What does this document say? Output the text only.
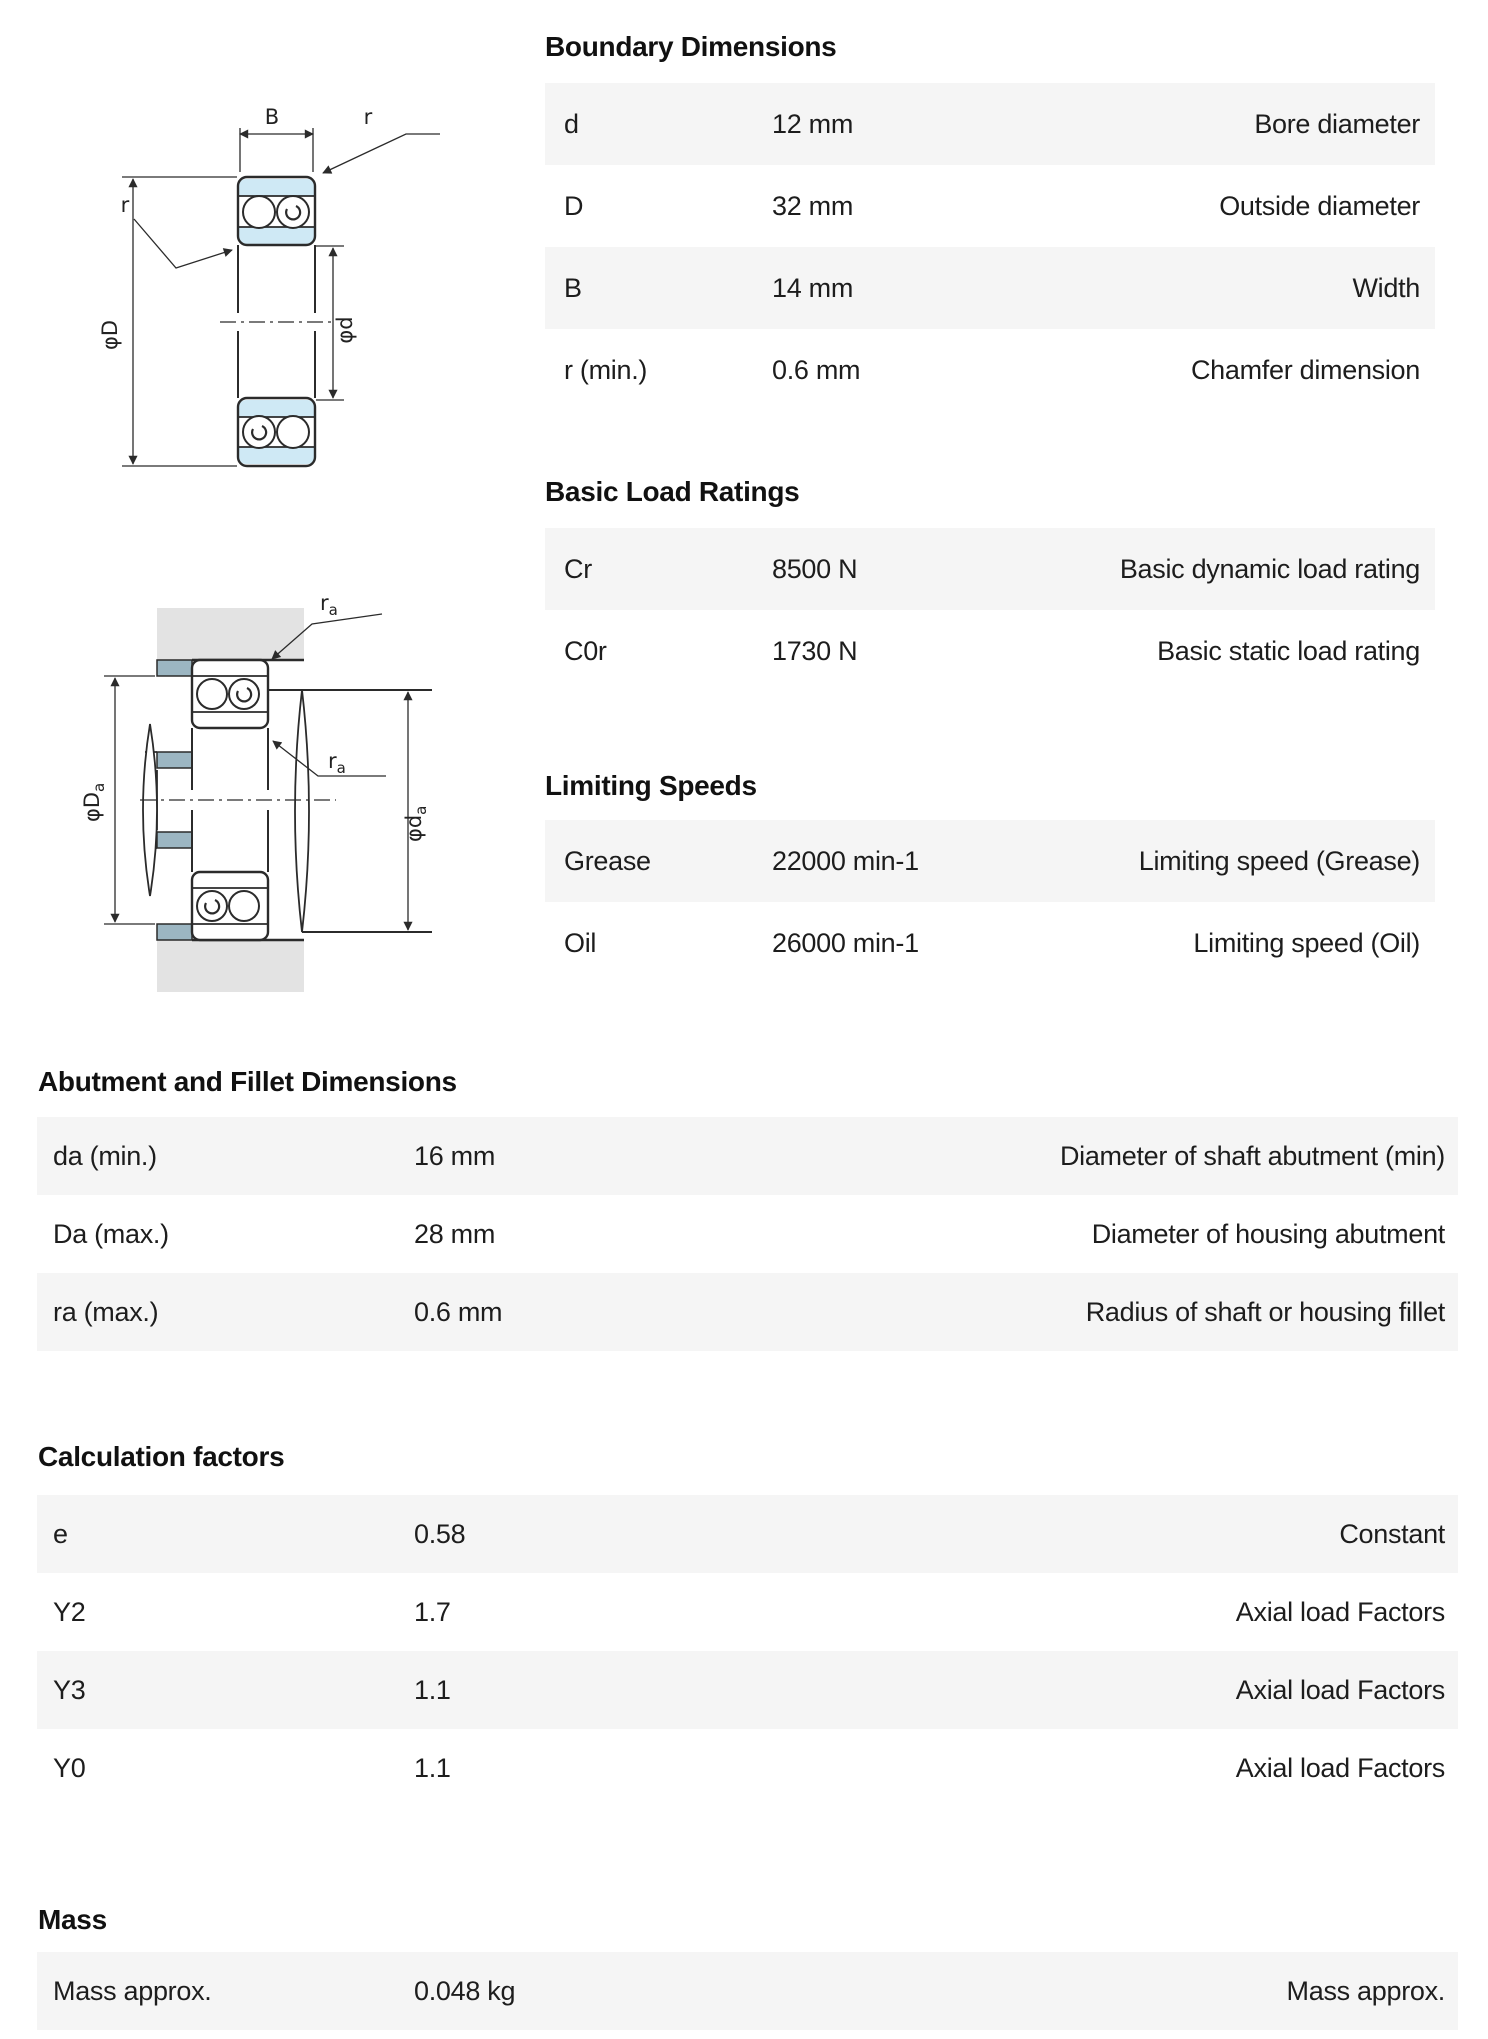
B	r
r
φD	φd
$r_a$
$r_a$
$\varphi D_a$
$\varphi d_a$
Boundary Dimensions
d	12 mm	Bore diameter
D	32 mm	Outside diameter
B	14 mm	Width
r (min.)	0.6 mm	Chamfer dimension
Basic Load Ratings
Cr	8500 N	Basic dynamic load rating
C0r	1730 N	Basic static load rating
Limiting Speeds
Grease	22000 min-1	Limiting speed (Grease)
Oil	26000 min-1	Limiting speed (Oil)
Abutment and Fillet Dimensions
da (min.)	16 mm	Diameter of shaft abutment (min)
Da (max.)	28 mm	Diameter of housing abutment
ra (max.)	0.6 mm	Radius of shaft or housing fillet
Calculation factors
e	0.58	Constant
Y2	1.7	Axial load Factors
Y3	1.1	Axial load Factors
Y0	1.1	Axial load Factors
Mass
Mass approx.	0.048 kg	Mass approx.
